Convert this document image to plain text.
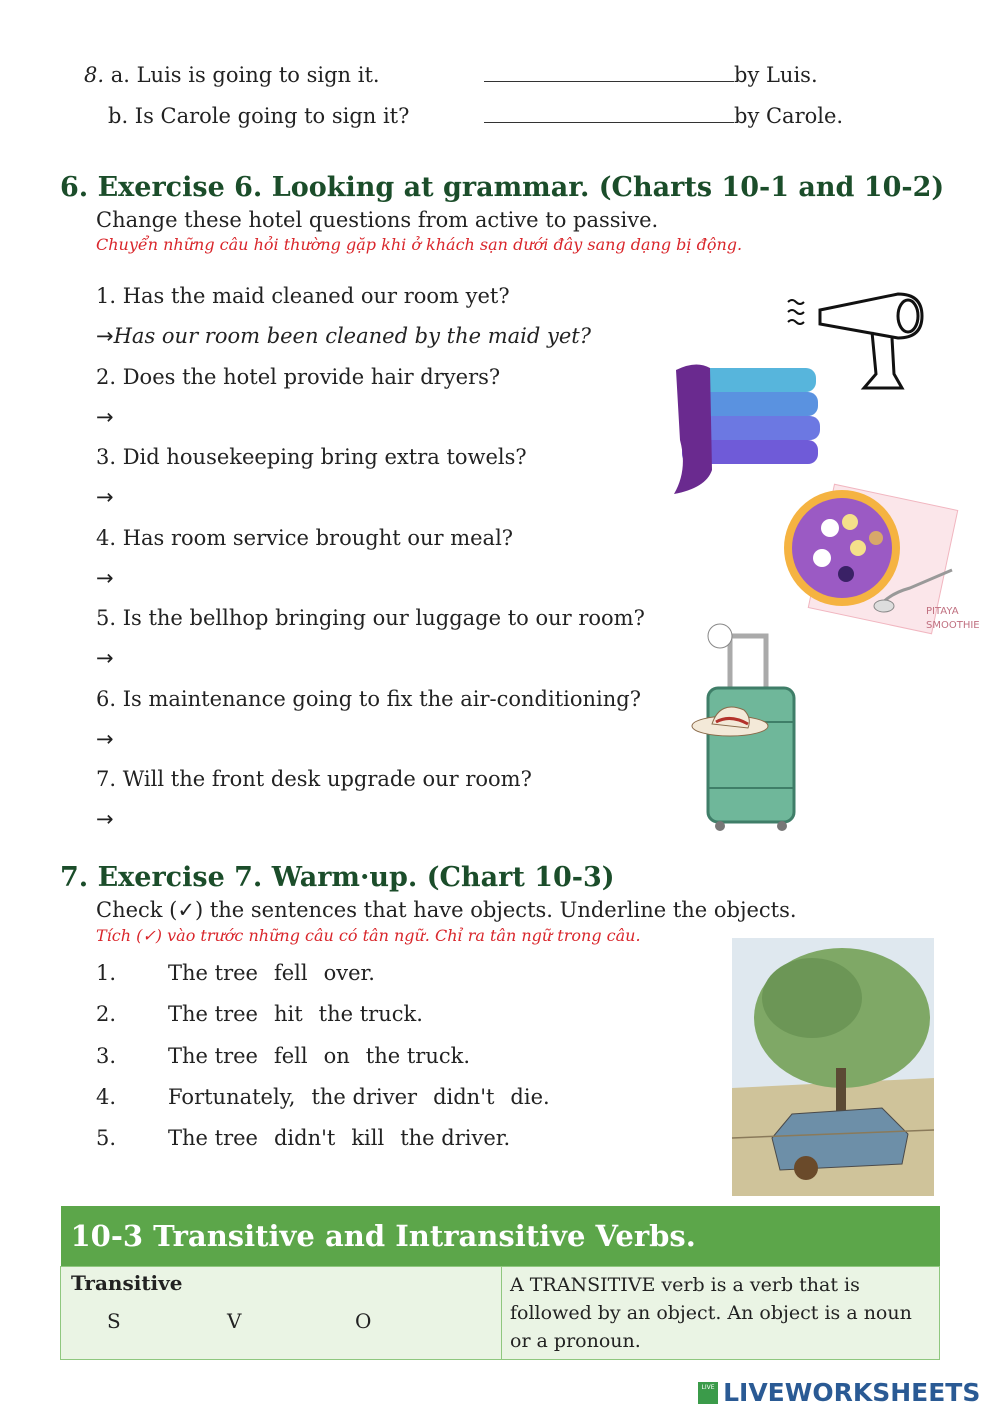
8. a. Luis is going to sign it.	by Luis.
b. Is Carole going to sign it?	by Carole.
6. Exercise 6. Looking at grammar. (Charts 10-1 and 10-2)
Change these hotel questions from active to passive.
Chuyển những câu hỏi thường gặp khi ở khách sạn dưới đây sang dạng bị động.
1. Has the maid cleaned our room yet?
→Has our room been cleaned by the maid yet?
2. Does the hotel provide hair dryers?
→
3. Did housekeeping bring extra towels?
→
4. Has room service brought our meal?
→
5. Is the bellhop bringing our luggage to our room?
→
6. Is maintenance going to fix the air-conditioning?
→
7. Will the front desk upgrade our room?
→
PITAYA
SMOOTHIE
7. Exercise 7. Warm·up. (Chart 10-3)
Check (✓) the sentences that have objects. Underline the objects.
Tích (✓) vào trước những câu có tân ngữ. Chỉ ra tân ngữ trong câu.
1. The tree fell over.
2. The tree hit the truck.
3. The tree fell on the truck.
4. Fortunately, the driver didn't die.
5. The tree didn't kill the driver.
10-3 Transitive and Intransitive Verbs.

Transitive
S	V	O

A TRANSITIVE verb is a verb that is
followed by an object. An object is a noun
or a pronoun.
LIVE LIVEWORKSHEETS
